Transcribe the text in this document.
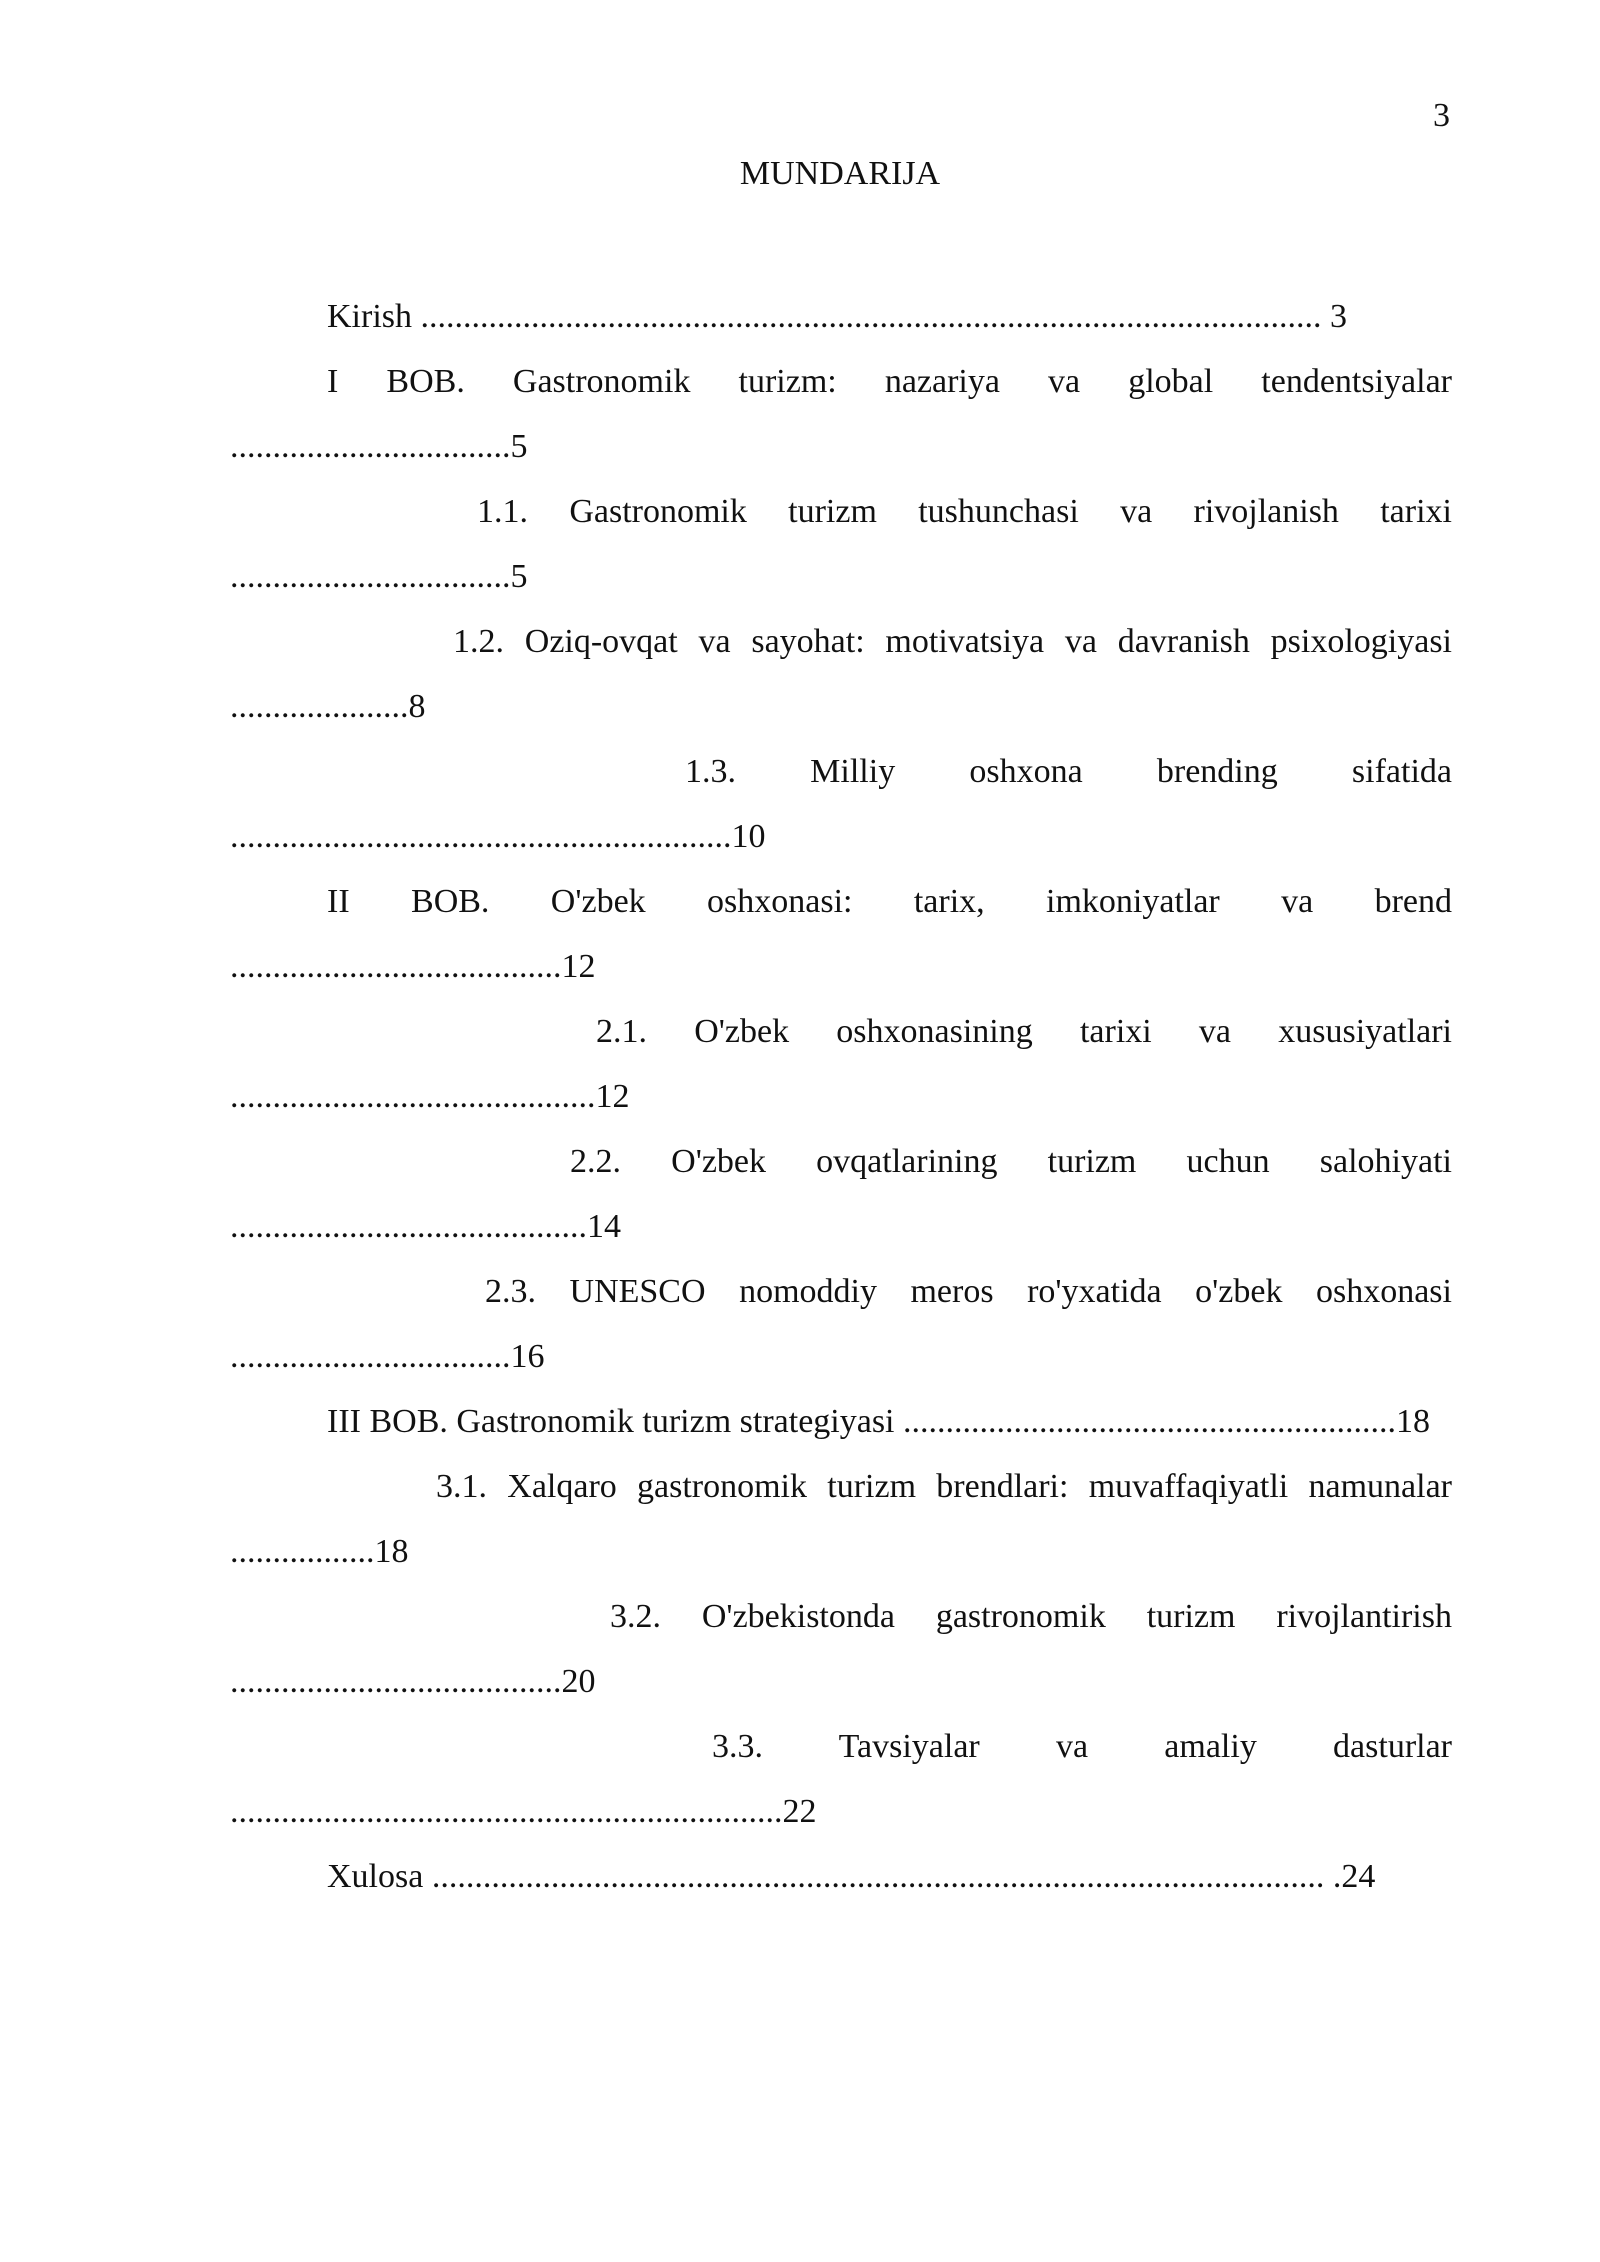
3
MUNDARIJA
Kirish .......................................................................................................... 3
I BOB. Gastronomik turizm: nazariya va global tendentsiyalar .................................5
1.1. Gastronomik turizm tushunchasi va rivojlanish tarixi .................................5
1.2. Oziq-ovqat va sayohat: motivatsiya va davranish psixologiyasi .....................8
1.3. Milliy oshxona brending sifatida ...........................................................10
II BOB. O'zbek oshxonasi: tarix, imkoniyatlar va brend .......................................12
2.1. O'zbek oshxonasining tarixi va xususiyatlari ...........................................12
2.2. O'zbek ovqatlarining turizm uchun salohiyati ..........................................14
2.3. UNESCO nomoddiy meros ro'yxatida o'zbek oshxonasi .................................16
III BOB. Gastronomik turizm strategiyasi ..........................................................18
3.1. Xalqaro gastronomik turizm brendlari: muvaffaqiyatli namunalar .................18
3.2. O'zbekistonda gastronomik turizm rivojlantirish .......................................20
3.3. Tavsiyalar va amaliy dasturlar .................................................................22
Xulosa ......................................................................................................... .24
